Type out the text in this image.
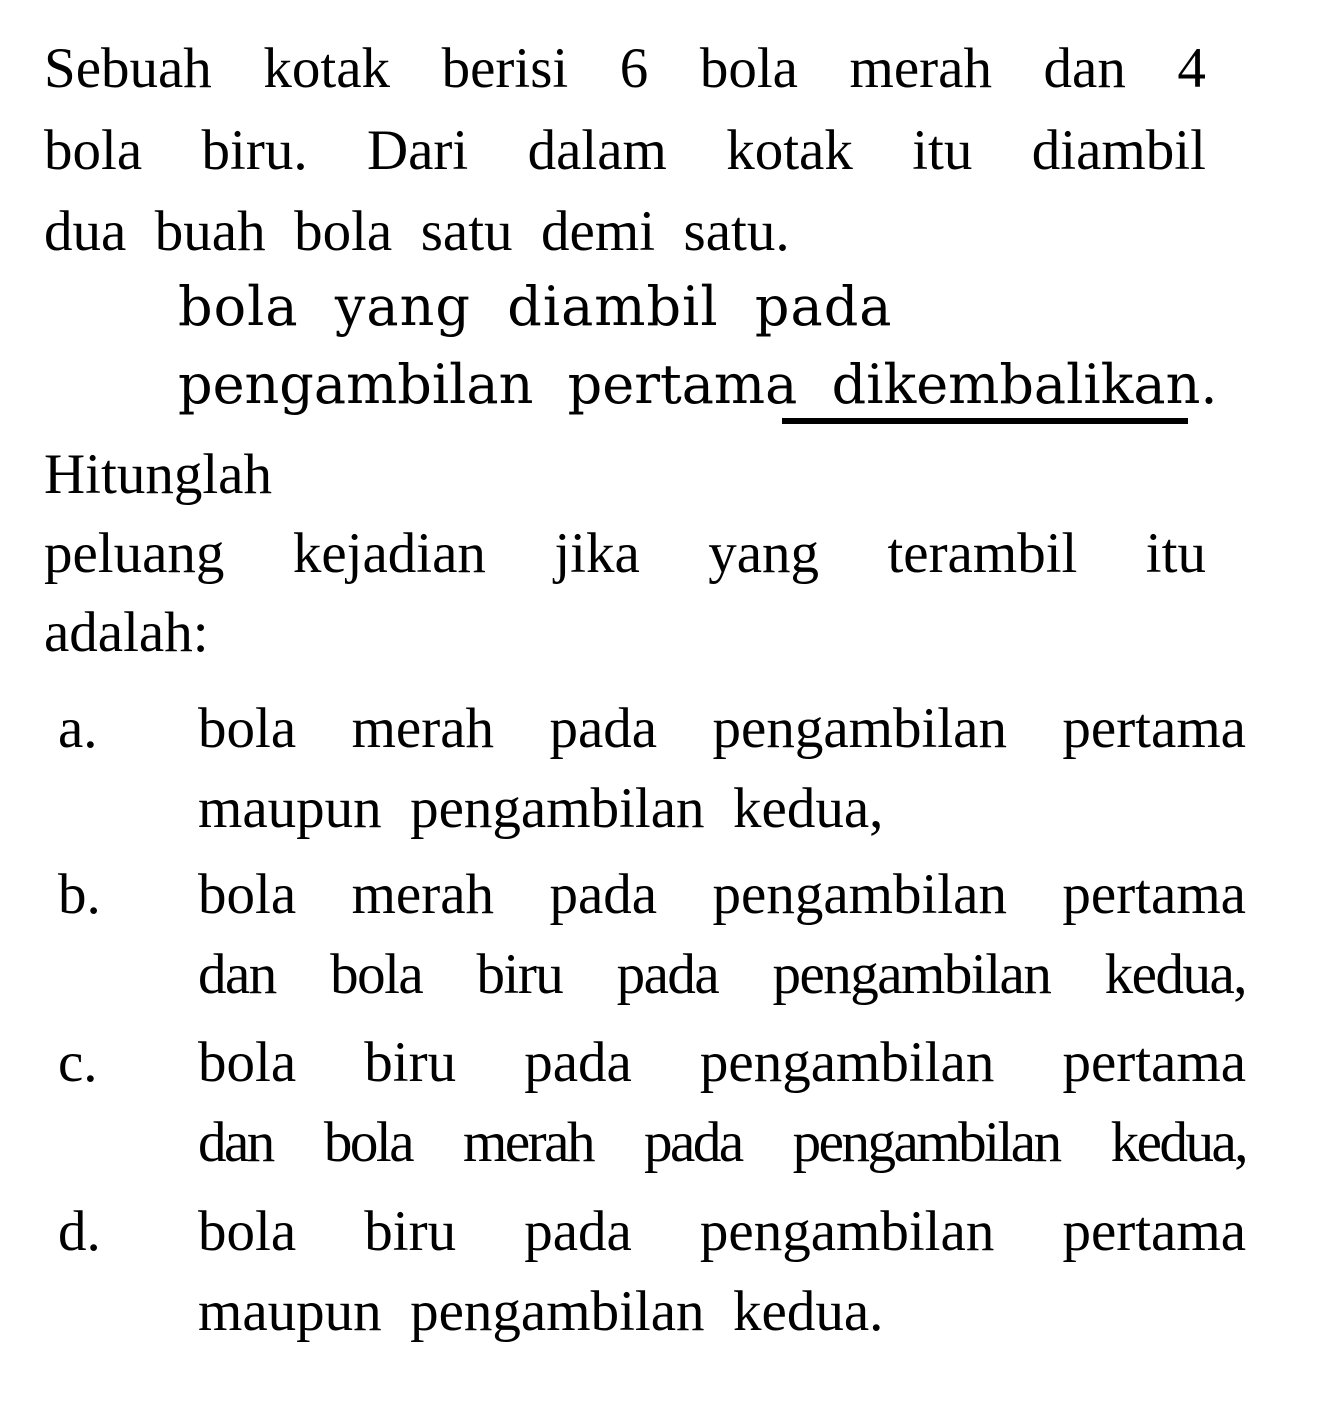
Sebuah kotak berisi 6 bola merah dan 4
bola biru. Dari dalam kotak itu diambil
dua  buah  bola  satu  demi  satu.
bola  yang  diambil  pada
pengambilan  pertama  dikembalikan.
Hitunglah
peluang kejadian jika yang terambil itu
adalah:
a. bola merah pada pengambilan pertama
maupun  pengambilan  kedua,
b. bola merah pada pengambilan pertama
dan bola biru pada pengambilan kedua,
c. bola biru pada pengambilan pertama
dan bola merah pada pengambilan kedua,
d. bola biru pada pengambilan pertama
maupun  pengambilan  kedua.
